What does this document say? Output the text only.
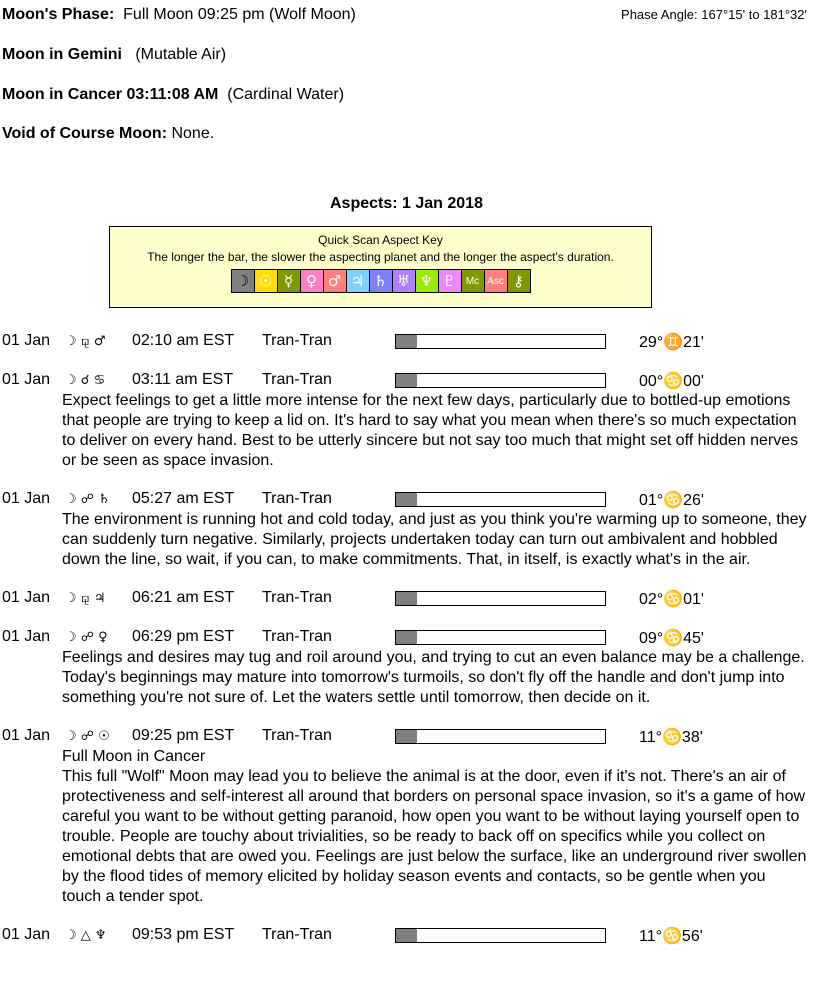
Moon's Phase: Full Moon 09:25 pm (Wolf Moon)	Phase Angle: 167°15' to 181°32'
Moon in Gemini (Mutable Air)
Moon in Cancer 03:11:08 AM (Cardinal Water)
Void of Course Moon: None.
Aspects: 1 Jan 2018
Quick Scan Aspect Key
The longer the bar, the slower the aspecting planet and the longer the aspect's duration.
☽ ☉ ☿ ♀ ♂ ♃ ♄ ♅ ♆ ♇ Mc Asc ⚷
01 Jan ☽ ⚼ ♂ 02:10 am EST Tran-Tran	29°♊21'
01 Jan ☽ ☌ ♋ 03:11 am EST Tran-Tran	00°♋00'
Expect feelings to get a little more intense for the next few days, particularly due to bottled-up emotions that people are trying to keep a lid on. It's hard to say what you mean when there's so much expectation to deliver on every hand. Best to be utterly sincere but not say too much that might set off hidden nerves or be seen as space invasion.
01 Jan ☽ ☍ ♄ 05:27 am EST Tran-Tran	01°♋26'
The environment is running hot and cold today, and just as you think you're warming up to someone, they can suddenly turn negative. Similarly, projects undertaken today can turn out ambivalent and hobbled down the line, so wait, if you can, to make commitments. That, in itself, is exactly what's in the air.
01 Jan ☽ ⚼ ♃ 06:21 am EST Tran-Tran	02°♋01'
01 Jan ☽ ☍ ♀ 06:29 pm EST Tran-Tran	09°♋45'
Feelings and desires may tug and roil around you, and trying to cut an even balance may be a challenge. Today's beginnings may mature into tomorrow's turmoils, so don't fly off the handle and don't jump into something you're not sure of. Let the waters settle until tomorrow, then decide on it.
01 Jan ☽ ☍ ☉ 09:25 pm EST Tran-Tran	11°♋38'
Full Moon in Cancer
This full "Wolf" Moon may lead you to believe the animal is at the door, even if it's not. There's an air of protectiveness and self-interest all around that borders on personal space invasion, so it's a game of how careful you want to be without getting paranoid, how open you want to be without laying yourself open to trouble. People are touchy about trivialities, so be ready to back off on specifics while you collect on emotional debts that are owed you. Feelings are just below the surface, like an underground river swollen by the flood tides of memory elicited by holiday season events and contacts, so be gentle when you touch a tender spot.
01 Jan ☽ △ ♆ 09:53 pm EST Tran-Tran	11°♋56'
